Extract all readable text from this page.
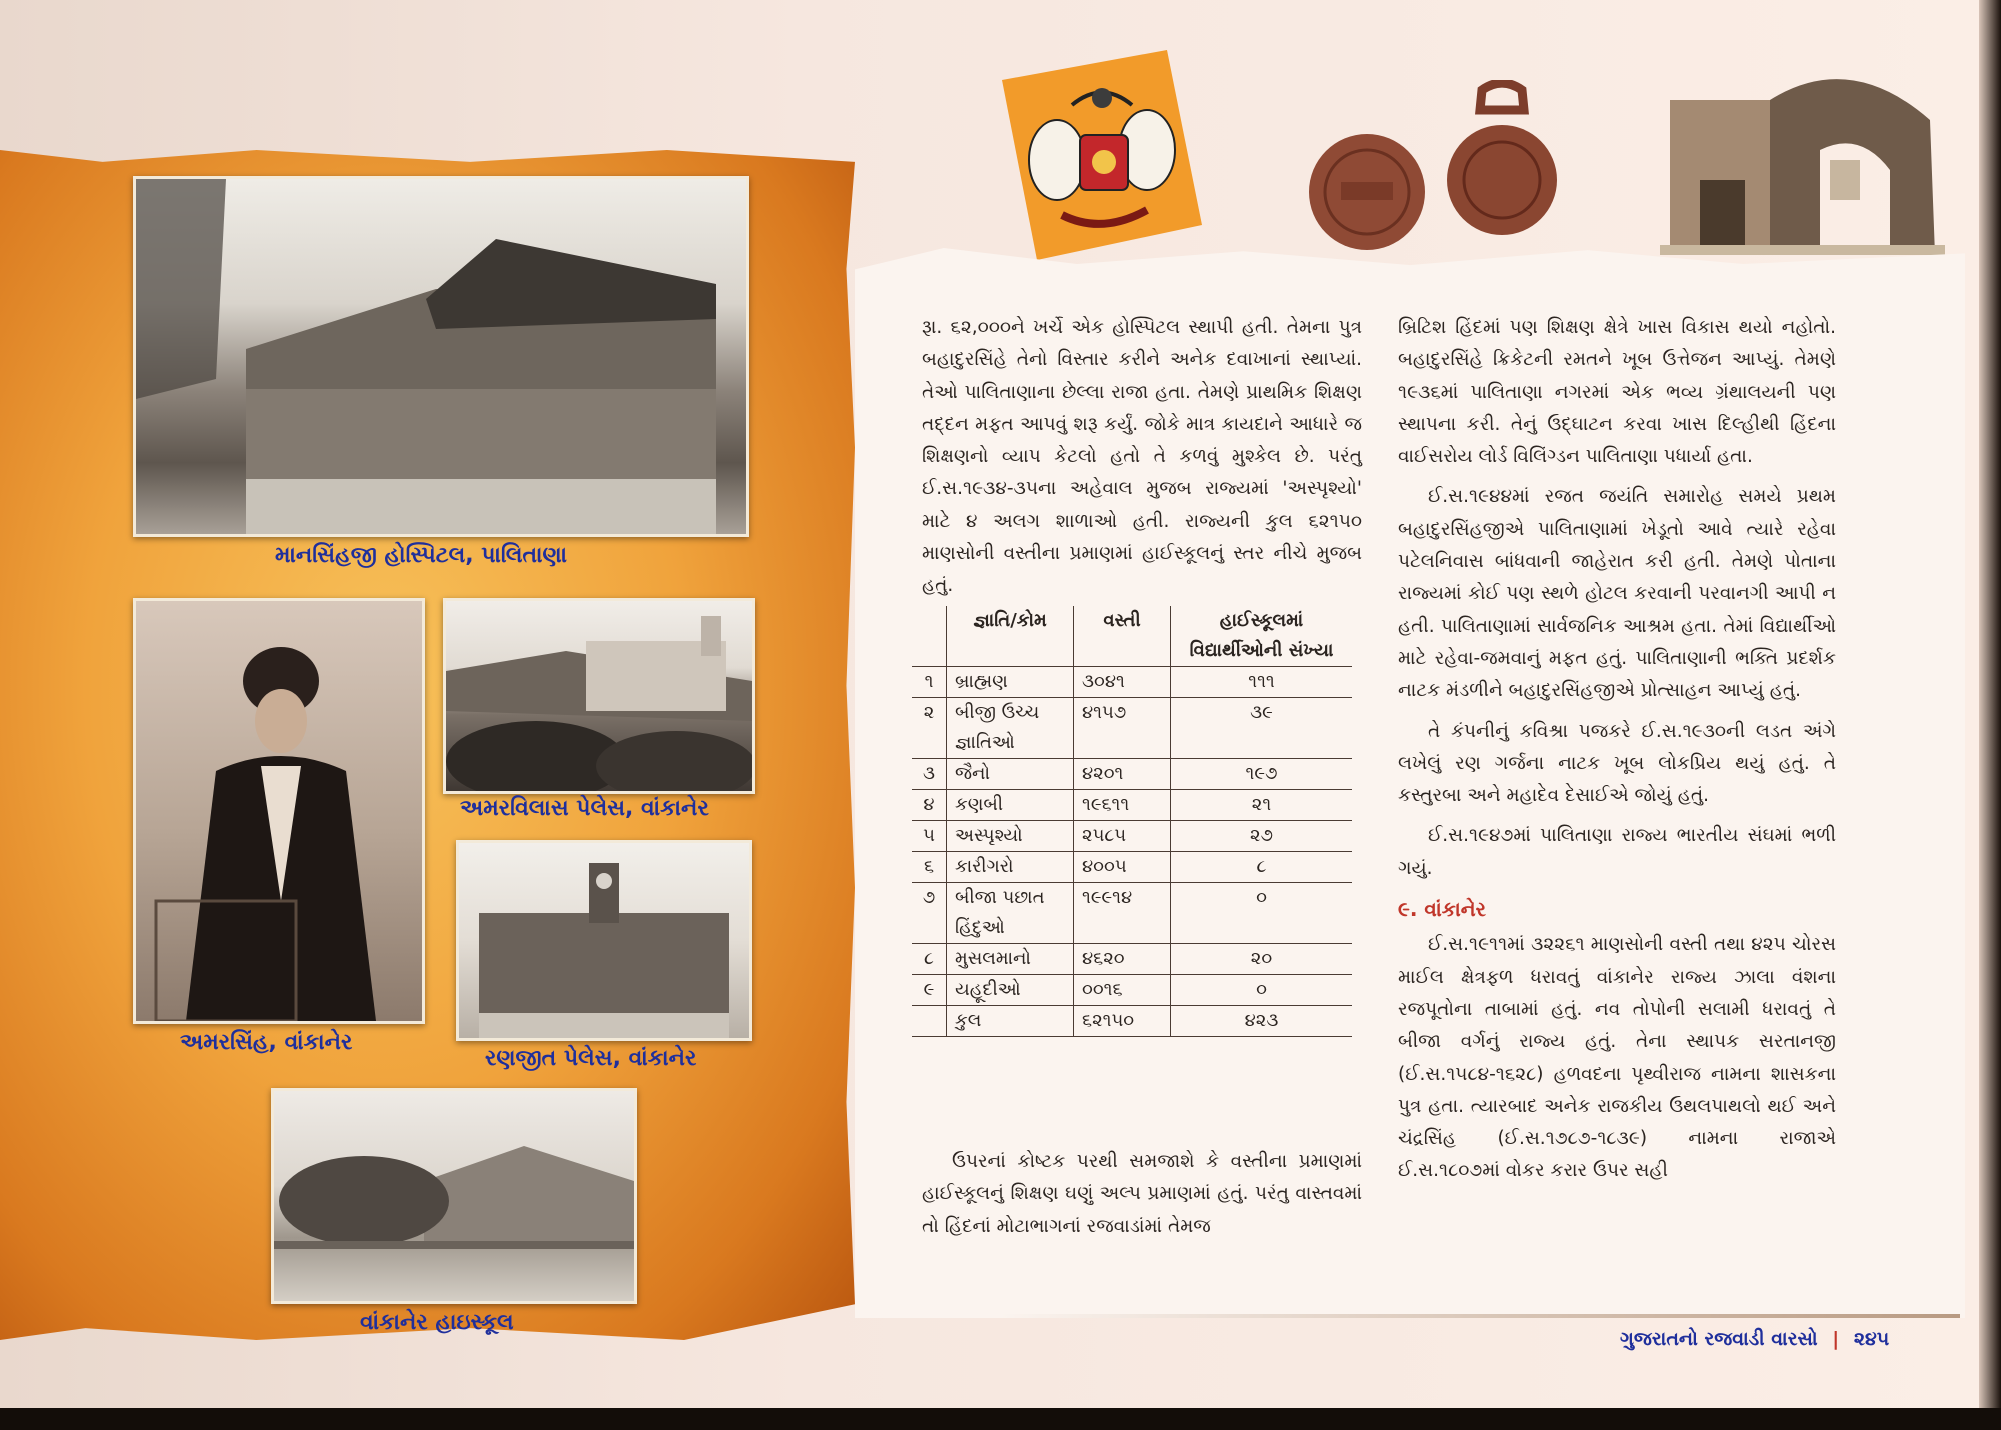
માનસિંહજી હોસ્પિટલ, પાલિતાણા
અમરસિંહ, વાંકાનેર
અમરવિલાસ પેલેસ, વાંકાનેર
રણજીત પેલેસ, વાંકાનેર
વાંકાનેર હાઇસ્કૂલ

રૂા. ૬૨,૦૦૦ને ખર્ચે એક હોસ્પિટલ સ્થાપી હતી. તેમના પુત્ર બહાદુરસિંહે તેનો વિસ્તાર કરીને અનેક દવાખાનાં સ્થાપ્યાં. તેઓ પાલિતાણાના છેલ્લા રાજા હતા. તેમણે પ્રાથમિક શિક્ષણ તદ્દન મફત આપવું શરૂ કર્યું. જોકે માત્ર કાયદાને આધારે જ શિક્ષણનો વ્યાપ કેટલો હતો તે કળવું મુશ્કેલ છે. પરંતુ ઈ.સ.૧૯૩૪-૩૫ના અહેવાલ મુજબ રાજ્યમાં 'અસ્પૃશ્યો' માટે ૪ અલગ શાળાઓ હતી. રાજ્યની કુલ ૬૨૧૫૦ માણસોની વસ્તીના પ્રમાણમાં હાઈસ્કૂલનું સ્તર નીચે મુજબ હતું.

	જ્ઞાતિ/કોમ	વસ્તી	હાઈસ્કૂલમાં વિદ્યાર્થીઓની સંખ્યા
૧	બ્રાહ્મણ	૩૦૪૧	૧૧૧
૨	બીજી ઉચ્ચ જ્ઞાતિઓ	૪૧૫૭	૩૯
૩	જૈનો	૪૨૦૧	૧૯૭
૪	કણબી	૧૯૬૧૧	૨૧
૫	અસ્પૃશ્યો	૨૫૮૫	૨૭
૬	કારીગરો	૪૦૦૫	૮
૭	બીજા પછાત હિંદુઓ	૧૯૯૧૪	૦
૮	મુસલમાનો	૪૬૨૦	૨૦
૯	યહૂદીઓ	૦૦૧૬	૦
	કુલ	૬૨૧૫૦	૪૨૩

ઉપરનાં કોષ્ટક પરથી સમજાશે કે વસ્તીના પ્રમાણમાં હાઈસ્કૂલનું શિક્ષણ ઘણું અલ્પ પ્રમાણમાં હતું. પરંતુ વાસ્તવમાં તો હિંદનાં મોટાભાગનાં રજવાડાંમાં તેમજ

બ્રિટિશ હિંદમાં પણ શિક્ષણ ક્ષેત્રે ખાસ વિકાસ થયો નહોતો. બહાદુરસિંહે ક્રિકેટની રમતને ખૂબ ઉત્તેજન આપ્યું. તેમણે ૧૯૩૬માં પાલિતાણા નગરમાં એક ભવ્ય ગ્રંથાલયની પણ સ્થાપના કરી. તેનું ઉદ્ઘાટન કરવા ખાસ દિલ્હીથી હિંદના વાઈસરોય લોર્ડ વિલિંગ્ડન પાલિતાણા પધાર્યા હતા.

ઈ.સ.૧૯૪૪માં રજત જયંતિ સમારોહ સમયે પ્રથમ બહાદુરસિંહજીએ પાલિતાણામાં ખેડૂતો આવે ત્યારે રહેવા પટેલનિવાસ બાંધવાની જાહેરાત કરી હતી. તેમણે પોતાના રાજ્યમાં કોઈ પણ સ્થળે હોટલ કરવાની પરવાનગી આપી ન હતી. પાલિતાણામાં સાર્વજનિક આશ્રમ હતા. તેમાં વિદ્યાર્થીઓ માટે રહેવા-જમવાનું મફત હતું. પાલિતાણાની ભક્તિ પ્રદર્શક નાટક મંડળીને બહાદુરસિંહજીએ પ્રોત્સાહન આપ્યું હતું.

તે કંપનીનું કવિશ્રા પજકરે ઈ.સ.૧૯૩૦ની લડત અંગે લખેલું રણ ગર્જના નાટક ખૂબ લોકપ્રિય થયું હતું. તે કસ્તુરબા અને મહાદેવ દેસાઈએ જોયું હતું.

ઈ.સ.૧૯૪૭માં પાલિતાણા રાજ્ય ભારતીય સંઘમાં ભળી ગયું.

૯. વાંકાનેર

ઈ.સ.૧૯૧૧માં ૩૨૨૬૧ માણસોની વસ્તી તથા ૪૨૫ ચોરસ માઈલ ક્ષેત્રફળ ધરાવતું વાંકાનેર રાજ્ય ઝાલા વંશના રજપૂતોના તાબામાં હતું. નવ તોપોની સલામી ધરાવતું તે બીજા વર્ગનું રાજ્ય હતું. તેના સ્થાપક સરતાનજી (ઈ.સ.૧૫૮૪-૧૬૨૮) હળવદના પૃથ્વીરાજ નામના શાસકના પુત્ર હતા. ત્યારબાદ અનેક રાજકીય ઉથલપાથલો થઈ અને ચંદ્રસિંહ (ઈ.સ.૧૭૮૭-૧૮૩૯) નામના રાજાએ ઈ.સ.૧૮૦૭માં વોકર કરાર ઉપર સહી

ગુજરાતનો રજવાડી વારસો | ૨૪૫
